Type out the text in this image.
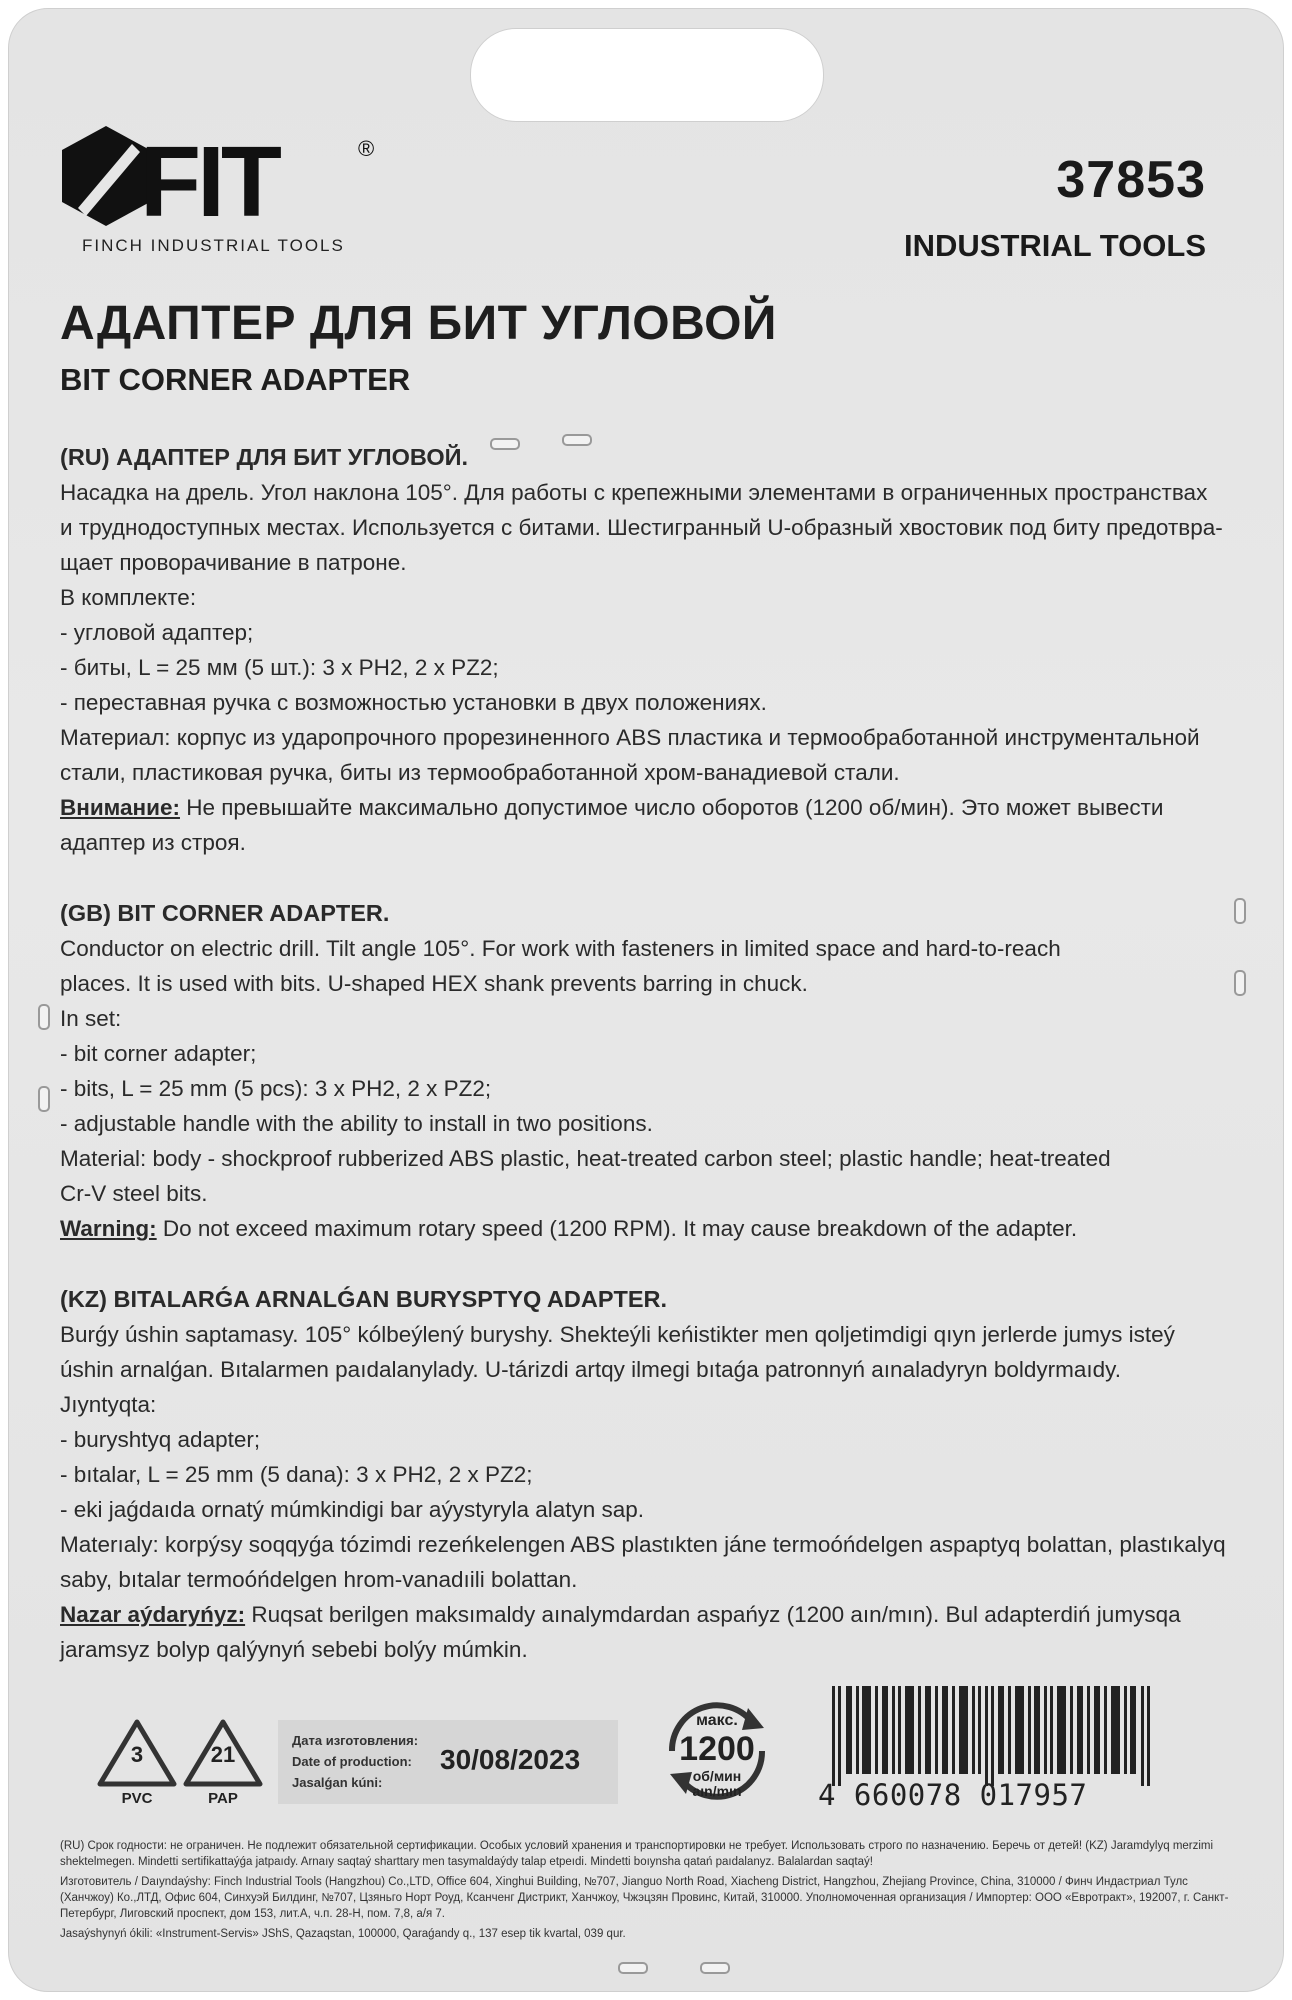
FIT	®
FINCH INDUSTRIAL TOOLS
37853
INDUSTRIAL TOOLS
АДАПТЕР ДЛЯ БИТ УГЛОВОЙ
BIT CORNER ADAPTER

(RU) АДАПТЕР ДЛЯ БИТ УГЛОВОЙ.

Насадка на дрель. Угол наклона 105°. Для работы с крепежными элементами в ограниченных пространствах

и труднодоступных местах. Используется с битами. Шестигранный U-образный хвостовик под биту предотвра-

щает проворачивание в патроне.

В комплекте:

- угловой адаптер;

- биты, L = 25 мм (5 шт.): 3 x PH2, 2 x PZ2;

- переставная ручка с возможностью установки в двух положениях.

Материал: корпус из ударопрочного прорезиненного ABS пластика и термообработанной инструментальной

стали, пластиковая ручка, биты из термообработанной хром-ванадиевой стали.

Внимание: Не превышайте максимально допустимое число оборотов (1200 об/мин). Это может вывести

адаптер из строя.

(GB) BIT CORNER ADAPTER.

Conductor on electric drill. Tilt angle 105°. For work with fasteners in limited space and hard-to-reach

places. It is used with bits. U-shaped HEX shank prevents barring in chuck.

In set:

- bit corner adapter;

- bits, L = 25 mm (5 pcs): 3 x PH2, 2 x PZ2;

- adjustable handle with the ability to install in two positions.

Material: body - shockproof rubberized ABS plastic, heat-treated carbon steel; plastic handle; heat-treated

Cr-V steel bits.

Warning: Do not exceed maximum rotary speed (1200 RPM). It may cause breakdown of the adapter.

(KZ) BITALARǴA ARNALǴAN BURYSPTYQ ADAPTER.

Burǵy úshin saptamasy. 105° kólbeýlený buryshy. Shekteýli keńistikter men qoljetimdigi qıyn jerlerde jumys isteý

úshin arnalǵan. Bıtalarmen paıdalanylady. U-tárizdi artqy ilmegi bıtaǵa patronnyń aınaladyryn boldyrmaıdy.

Jıyntyqta:

- buryshtyq adapter;

- bıtalar, L = 25 mm (5 dana): 3 x PH2, 2 x PZ2;

- eki jaǵdaıda ornatý múmkindigi bar aýystyryla alatyn sap.

Materıaly: korpýsy soqqyǵa tózimdi rezeńkelengen ABS plastıkten jáne termoóńdelgen aspaptyq bolattan, plastıkalyq

saby, bıtalar termoóńdelgen hrom-vanadıili bolattan.

Nazar aýdaryńyz: Ruqsat berilgen maksımaldy aınalymdardan aspańyz (1200 aın/mın). Bul adapterdiń jumysqa

jaramsyz bolyp qalýynyń sebebi bolýy múmkin.

3
PVC
21
PAP
Дата изготовления:
Date of production:
Jasalǵan kúni:
30/08/2023
макс.
1200
об/мин
aın/mın	4 660078 017957

(RU) Срок годности: не ограничен. Не подлежит обязательной сертификации. Особых условий хранения и транспортировки не требует. Использовать строго по назначению. Беречь от детей! (KZ) Jaramdylyq merzimi shektelmegen. Mindetti sertifikattaýǵa jatpaıdy. Arnaıy saqtaý sharttary men tasymaldaýdy talap etpeıdi. Mindetti boıynsha qatań paıdalanyz. Balalardan saqtaý!

Изготовитель / Daıyndaýshy: Finch Industrial Tools (Hangzhou) Co.,LTD, Office 604, Xinghui Building, №707, Jianguo North Road, Xiacheng District, Hangzhou, Zhejiang Province, China, 310000 / Финч Индастриал Тулс (Ханчжоу) Ко.,ЛТД, Офис 604, Синхуэй Билдинг, №707, Цзяньго Норт Роуд, Ксанченг Дистрикт, Ханчжоу, Чжэцзян Провинс, Китай, 310000. Уполномоченная организация / Импортер: ООО «Евротракт», 192007, г. Санкт-Петербург, Лиговский проспект, дом 153, лит.А, ч.п. 28-Н, пом. 7,8, а/я 7.

Jasaýshynyń ókili: «Instrument-Servis» JShS, Qazaqstan, 100000, Qaraǵandy q., 137 esep tik kvartal, 039 qur.
